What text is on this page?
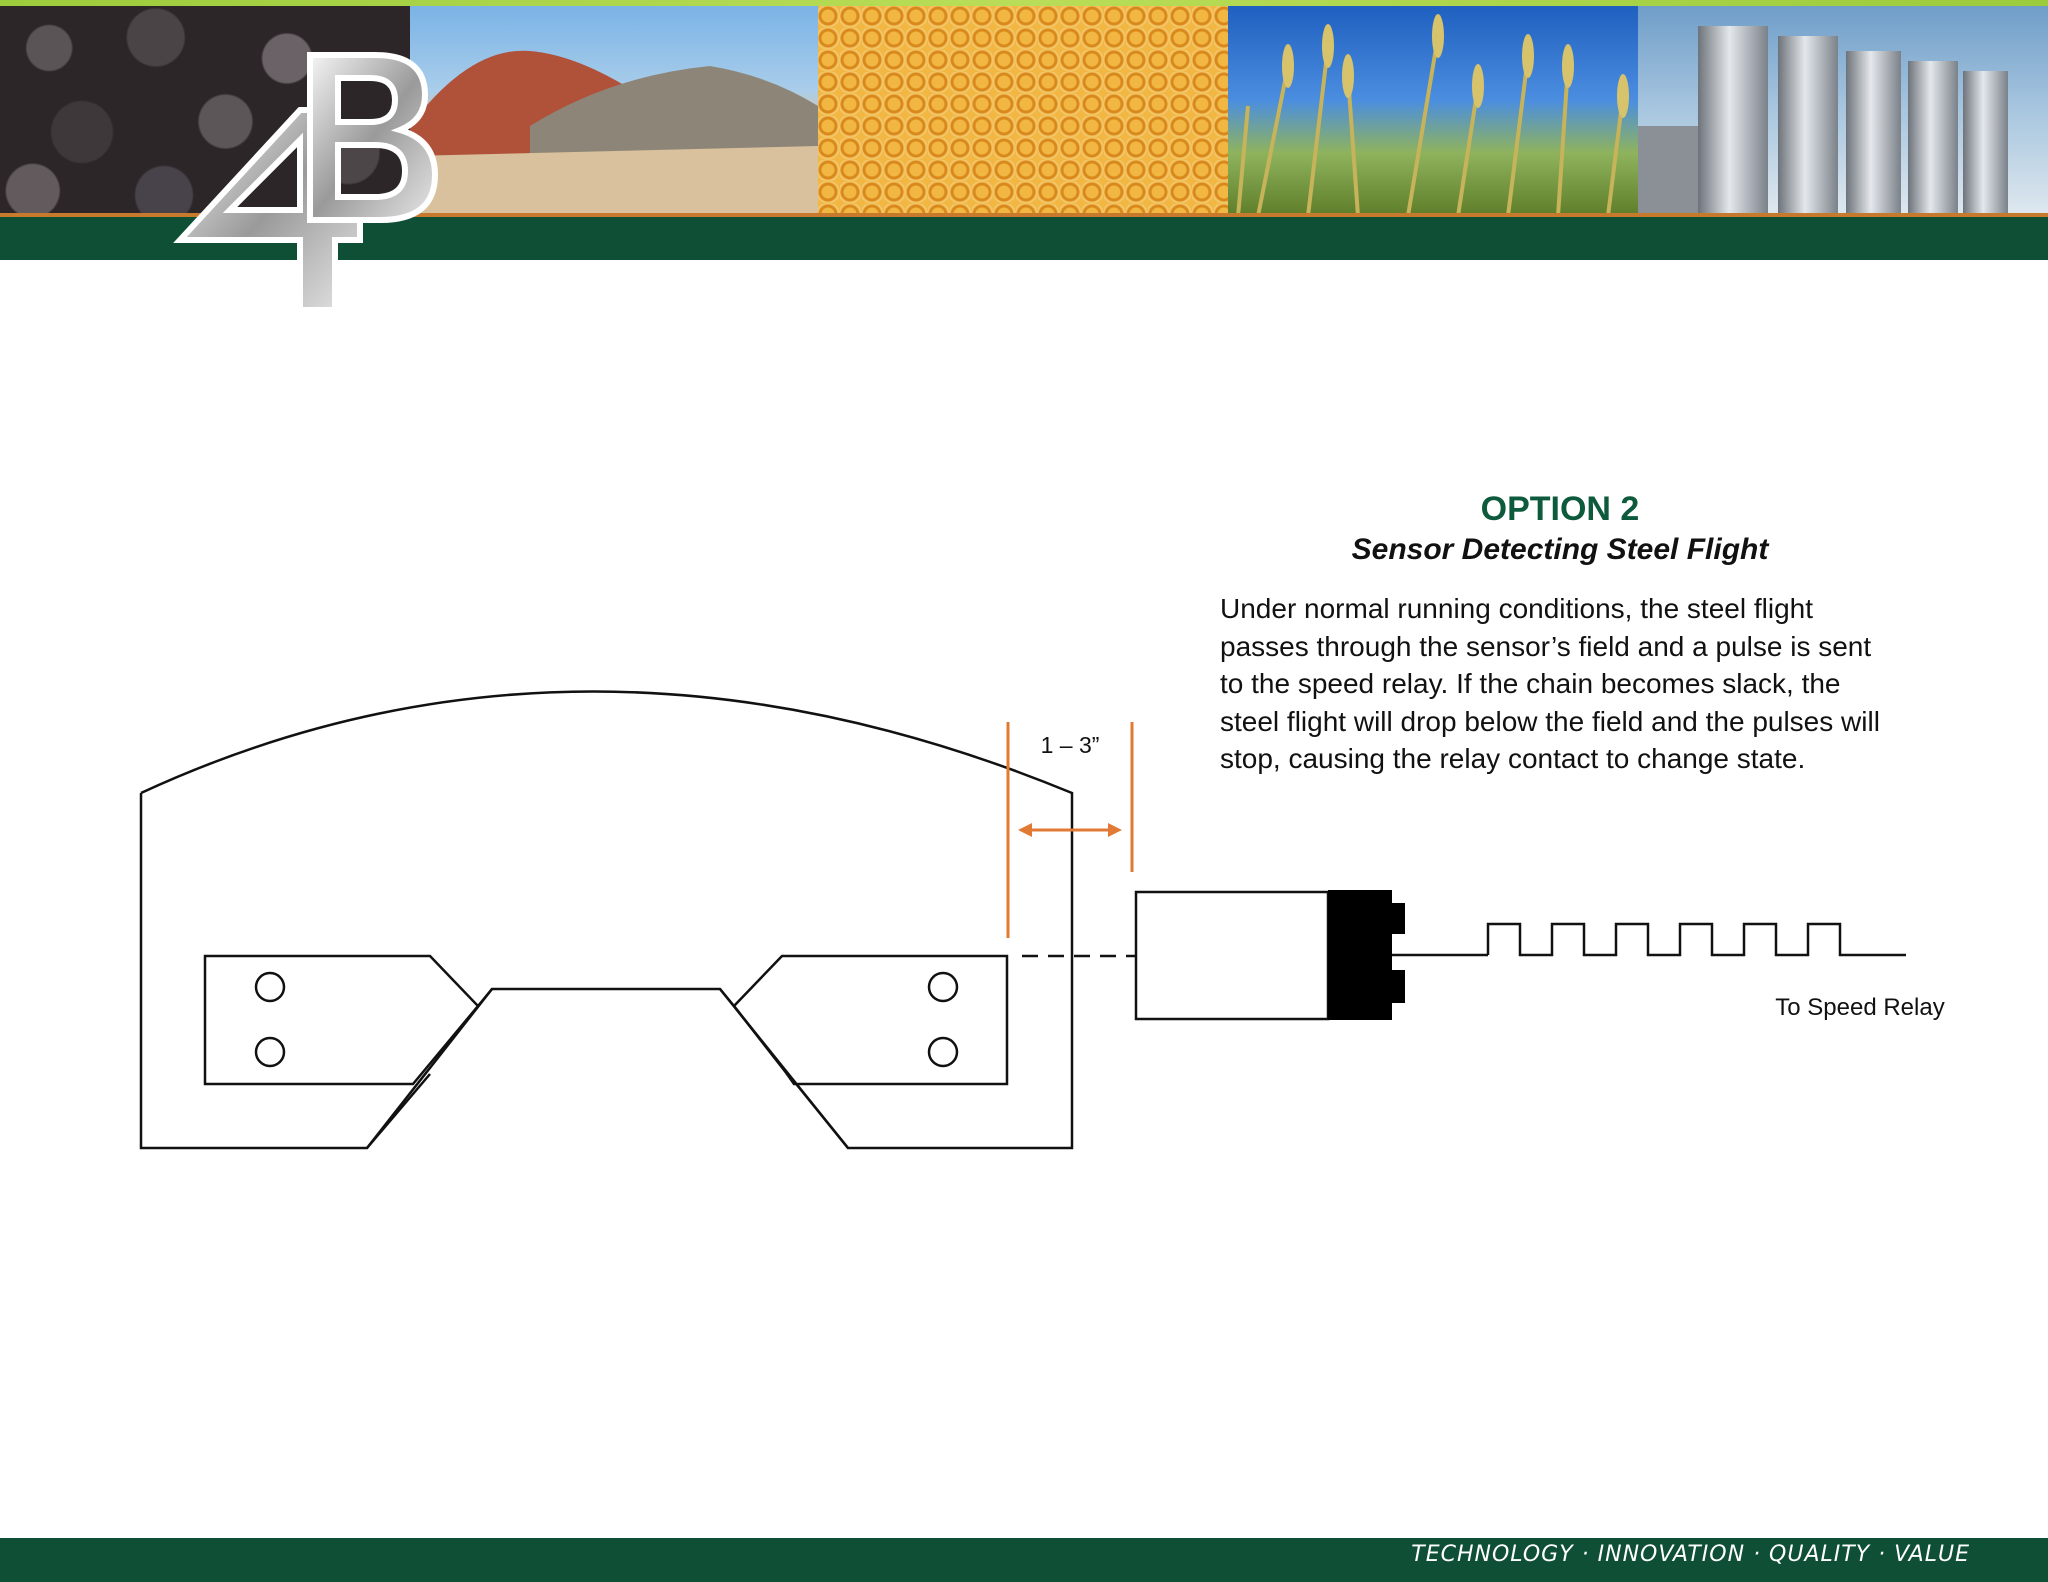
OPTION 2
Sensor Detecting Steel Flight
Under normal running conditions, the steel flight passes through the sensor’s field and a pulse is sent to the speed relay. If the chain becomes slack, the steel flight will drop below the field and the pulses will stop, causing the relay contact to change state.
1 – 3”
To Speed Relay
TECHNOLOGY · INNOVATION · QUALITY · VALUE
